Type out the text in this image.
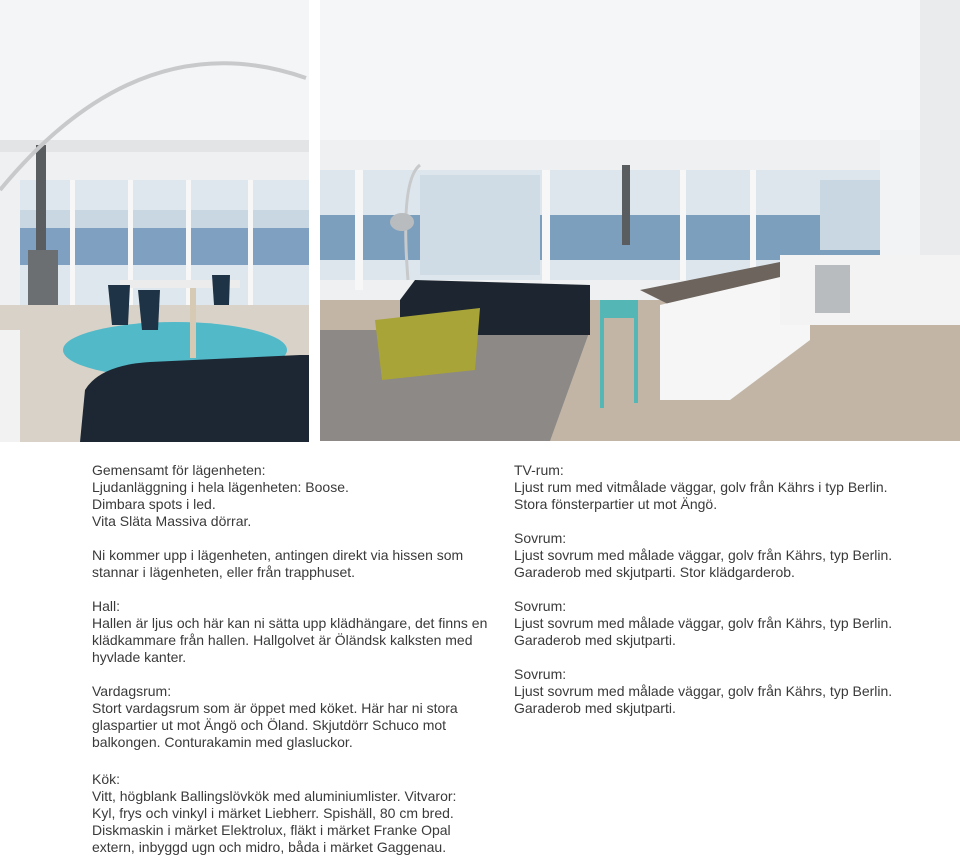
Gemensamt för lägenheten:
Ljudanläggning i hela lägenheten: Boose.
Dimbara spots i led.
Vita Släta Massiva dörrar.

Ni kommer upp i lägenheten, antingen direkt via hissen som
stannar i lägenheten, eller från trapphuset.

Hall:
Hallen är ljus och här kan ni sätta upp klädhängare, det finns en
klädkammare från hallen. Hallgolvet är Öländsk kalksten med
hyvlade kanter.

Vardagsrum:
Stort vardagsrum som är öppet med köket. Här har ni stora
glaspartier ut mot Ängö och Öland. Skjutdörr Schuco mot
balkongen. Conturakamin med glasluckor.

TV-rum:
Ljust rum med vitmålade väggar, golv från Kährs i typ Berlin.
Stora fönsterpartier ut mot Ängö.

Sovrum:
Ljust sovrum med målade väggar, golv från Kährs, typ Berlin.
Garaderob med skjutparti. Stor klädgarderob.

Sovrum:
Ljust sovrum med målade väggar, golv från Kährs, typ Berlin.
Garaderob med skjutparti.

Sovrum:
Ljust sovrum med målade väggar, golv från Kährs, typ Berlin.
Garaderob med skjutparti.

Kök:
Vitt, högblank Ballingslövkök med aluminiumlister. Vitvaror:
Kyl, frys och vinkyl i märket Liebherr. Spishäll, 80 cm bred.
Diskmaskin i märket Elektrolux, fläkt i märket Franke Opal
extern, inbyggd ugn och midro, båda i märket Gaggenau.
